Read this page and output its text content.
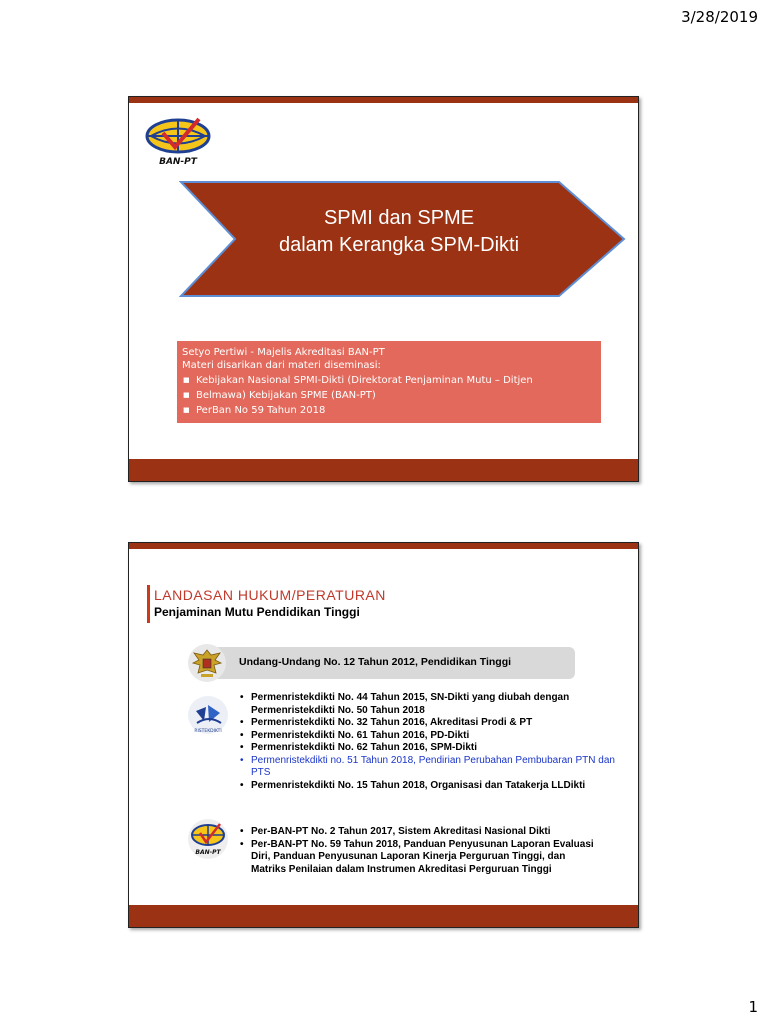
3/28/2019
BAN-PT
SPMI dan SPME
dalam Kerangka SPM-Dikti
Setyo Pertiwi - Majelis Akreditasi BAN-PT
Materi disarikan dari materi diseminasi:
■ Kebijakan Nasional SPMI-Dikti (Direktorat Penjaminan Mutu – Ditjen
■ Belmawa) Kebijakan SPME (BAN-PT)
■ PerBan No 59 Tahun 2018
LANDASAN HUKUM/PERATURAN
Penjaminan Mutu Pendidikan Tinggi
Undang-Undang No. 12 Tahun 2012, Pendidikan Tinggi
RISTEKDIKTI
• Permenristekdikti No. 44 Tahun 2015, SN-Dikti yang diubah dengan Permenristekdikti No. 50 Tahun 2018
• Permenristekdikti No. 32 Tahun 2016, Akreditasi Prodi & PT
• Permenristekdikti No. 61 Tahun 2016, PD-Dikti
• Permenristekdikti No. 62 Tahun 2016, SPM-Dikti
• Permenristekdikti no. 51 Tahun 2018, Pendirian Perubahan Pembubaran PTN dan PTS
• Permenristekdikti No. 15 Tahun 2018, Organisasi dan Tatakerja LLDikti
BAN-PT
• Per-BAN-PT No. 2 Tahun 2017, Sistem Akreditasi Nasional Dikti
• Per-BAN-PT No. 59 Tahun 2018, Panduan Penyusunan Laporan Evaluasi Diri, Panduan Penyusunan Laporan Kinerja Perguruan Tinggi, dan Matriks Penilaian dalam Instrumen Akreditasi Perguruan Tinggi
1
